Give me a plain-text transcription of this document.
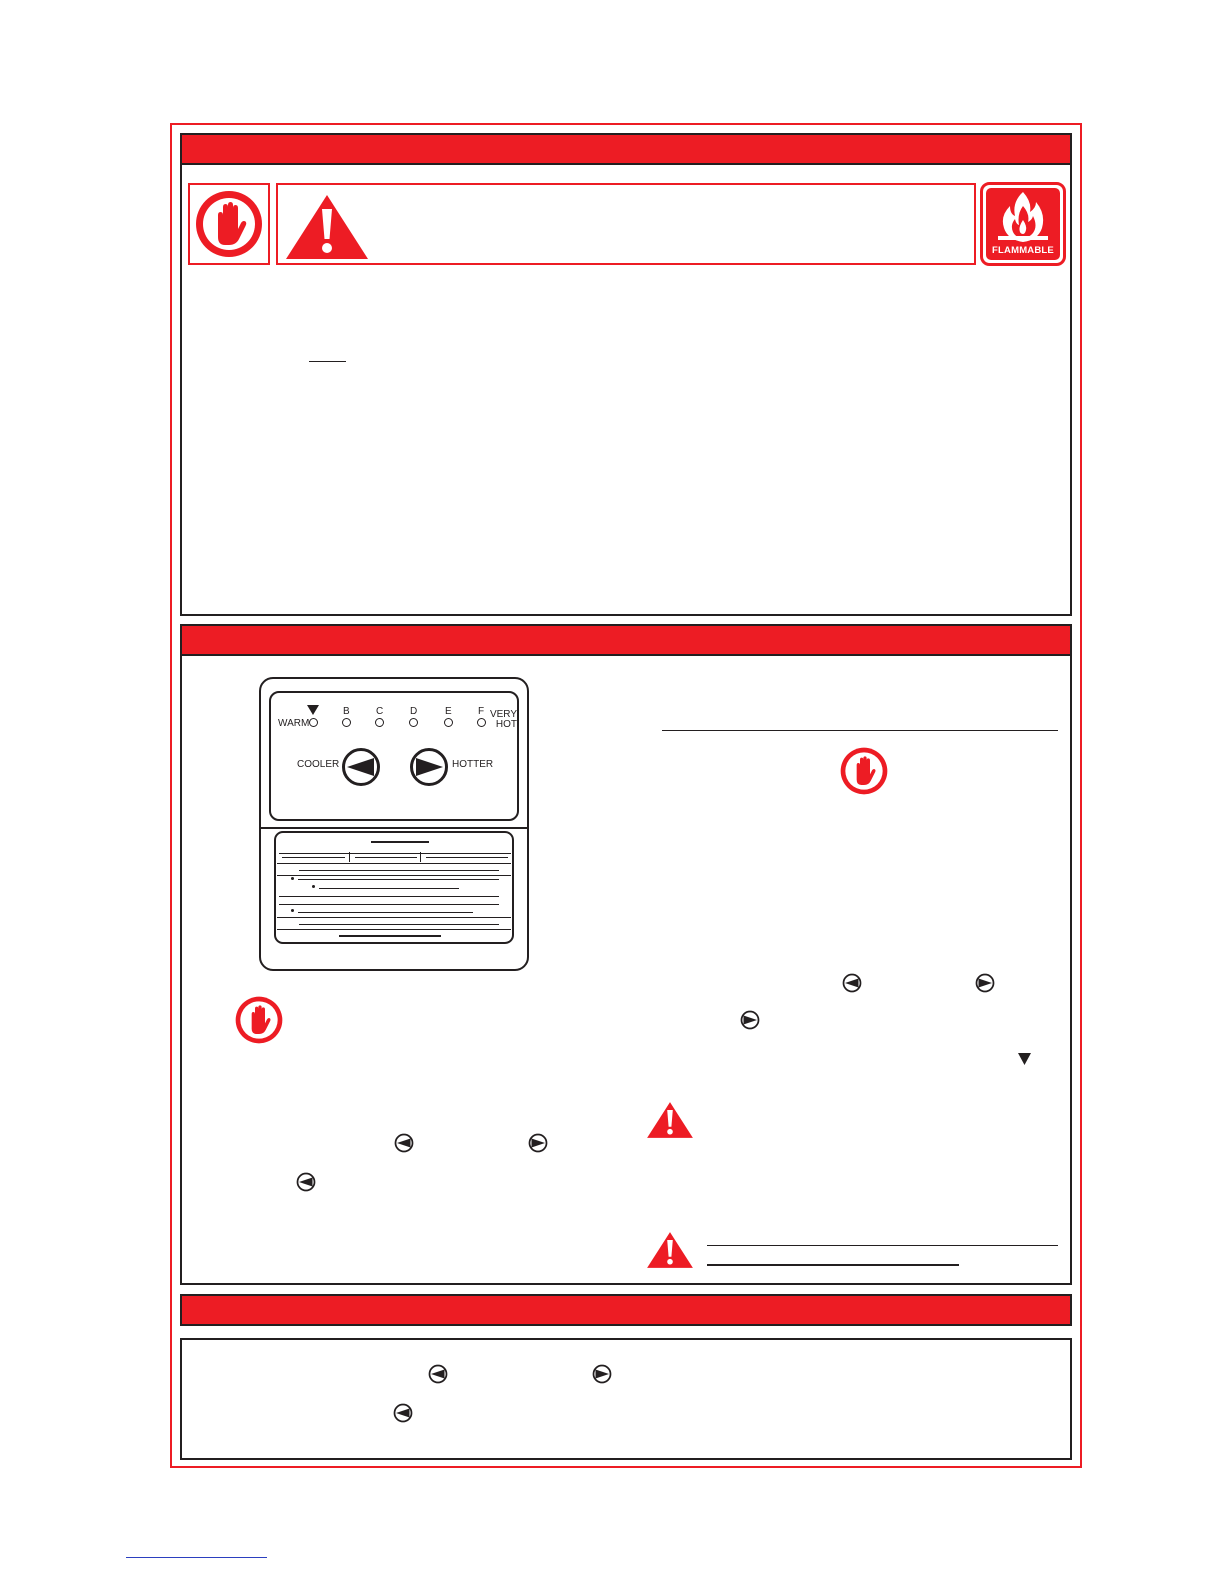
FLAMMABLE
WARM
B	C	D	E	F VERY
HOT
COOLER	HOTTER
